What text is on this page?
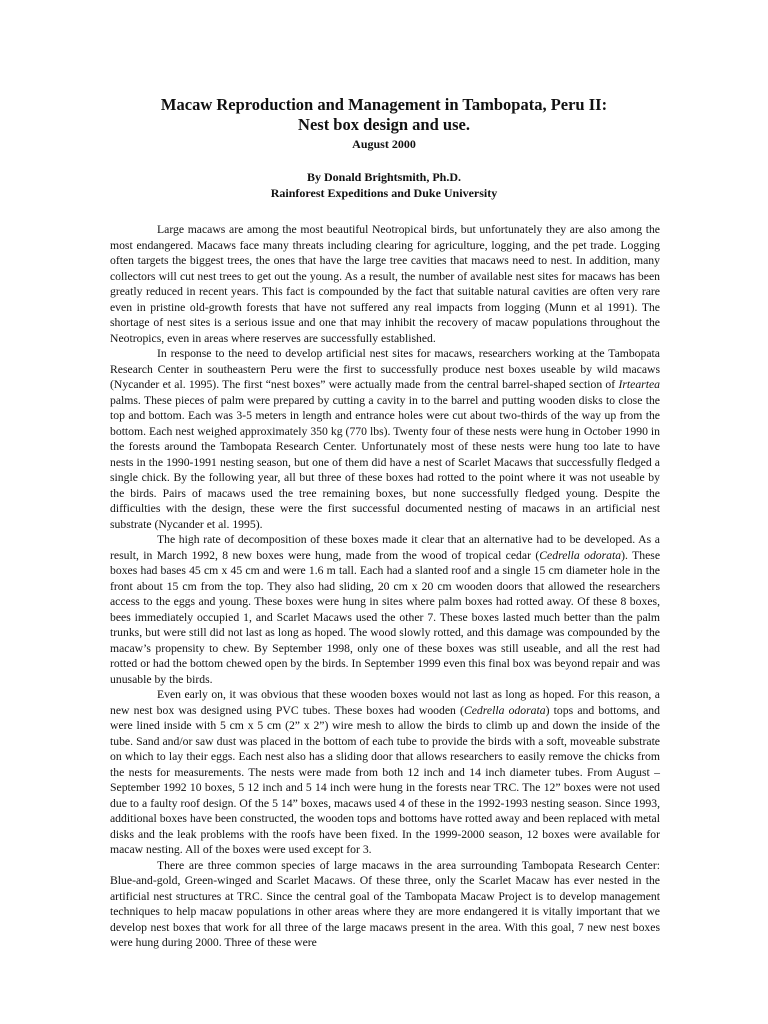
Macaw Reproduction and Management in Tambopata, Peru II:
Nest box design and use.
August 2000
By Donald Brightsmith, Ph.D.
Rainforest Expeditions and Duke University

Large macaws are among the most beautiful Neotropical birds, but unfortunately they are also among the most endangered. Macaws face many threats including clearing for agriculture, logging, and the pet trade. Logging often targets the biggest trees, the ones that have the large tree cavities that macaws need to nest. In addition, many collectors will cut nest trees to get out the young. As a result, the number of available nest sites for macaws has been greatly reduced in recent years. This fact is compounded by the fact that suitable natural cavities are often very rare even in pristine old-growth forests that have not suffered any real impacts from logging (Munn et al 1991). The shortage of nest sites is a serious issue and one that may inhibit the recovery of macaw populations throughout the Neotropics, even in areas where reserves are successfully established.

In response to the need to develop artificial nest sites for macaws, researchers working at the Tambopata Research Center in southeastern Peru were the first to successfully produce nest boxes useable by wild macaws (Nycander et al. 1995). The first “nest boxes” were actually made from the central barrel-shaped section of Irteartea palms. These pieces of palm were prepared by cutting a cavity in to the barrel and putting wooden disks to close the top and bottom. Each was 3-5 meters in length and entrance holes were cut about two-thirds of the way up from the bottom. Each nest weighed approximately 350 kg (770 lbs). Twenty four of these nests were hung in October 1990 in the forests around the Tambopata Research Center. Unfortunately most of these nests were hung too late to have nests in the 1990-1991 nesting season, but one of them did have a nest of Scarlet Macaws that successfully fledged a single chick. By the following year, all but three of these boxes had rotted to the point where it was not useable by the birds. Pairs of macaws used the tree remaining boxes, but none successfully fledged young. Despite the difficulties with the design, these were the first successful documented nesting of macaws in an artificial nest substrate (Nycander et al. 1995).

The high rate of decomposition of these boxes made it clear that an alternative had to be developed. As a result, in March 1992, 8 new boxes were hung, made from the wood of tropical cedar (Cedrella odorata). These boxes had bases 45 cm x 45 cm and were 1.6 m tall. Each had a slanted roof and a single 15 cm diameter hole in the front about 15 cm from the top. They also had sliding, 20 cm x 20 cm wooden doors that allowed the researchers access to the eggs and young. These boxes were hung in sites where palm boxes had rotted away. Of these 8 boxes, bees immediately occupied 1, and Scarlet Macaws used the other 7. These boxes lasted much better than the palm trunks, but were still did not last as long as hoped. The wood slowly rotted, and this damage was compounded by the macaw’s propensity to chew. By September 1998, only one of these boxes was still useable, and all the rest had rotted or had the bottom chewed open by the birds. In September 1999 even this final box was beyond repair and was unusable by the birds.

Even early on, it was obvious that these wooden boxes would not last as long as hoped. For this reason, a new nest box was designed using PVC tubes. These boxes had wooden (Cedrella odorata) tops and bottoms, and were lined inside with 5 cm x 5 cm (2” x 2”) wire mesh to allow the birds to climb up and down the inside of the tube. Sand and/or saw dust was placed in the bottom of each tube to provide the birds with a soft, moveable substrate on which to lay their eggs. Each nest also has a sliding door that allows researchers to easily remove the chicks from the nests for measurements. The nests were made from both 12 inch and 14 inch diameter tubes. From August – September 1992 10 boxes, 5 12 inch and 5 14 inch were hung in the forests near TRC. The 12” boxes were not used due to a faulty roof design. Of the 5 14” boxes, macaws used 4 of these in the 1992-1993 nesting season. Since 1993, additional boxes have been constructed, the wooden tops and bottoms have rotted away and been replaced with metal disks and the leak problems with the roofs have been fixed. In the 1999-2000 season, 12 boxes were available for macaw nesting. All of the boxes were used except for 3.

There are three common species of large macaws in the area surrounding Tambopata Research Center: Blue-and-gold, Green-winged and Scarlet Macaws. Of these three, only the Scarlet Macaw has ever nested in the artificial nest structures at TRC. Since the central goal of the Tambopata Macaw Project is to develop management techniques to help macaw populations in other areas where they are more endangered it is vitally important that we develop nest boxes that work for all three of the large macaws present in the area. With this goal, 7 new nest boxes were hung during 2000. Three of these were
